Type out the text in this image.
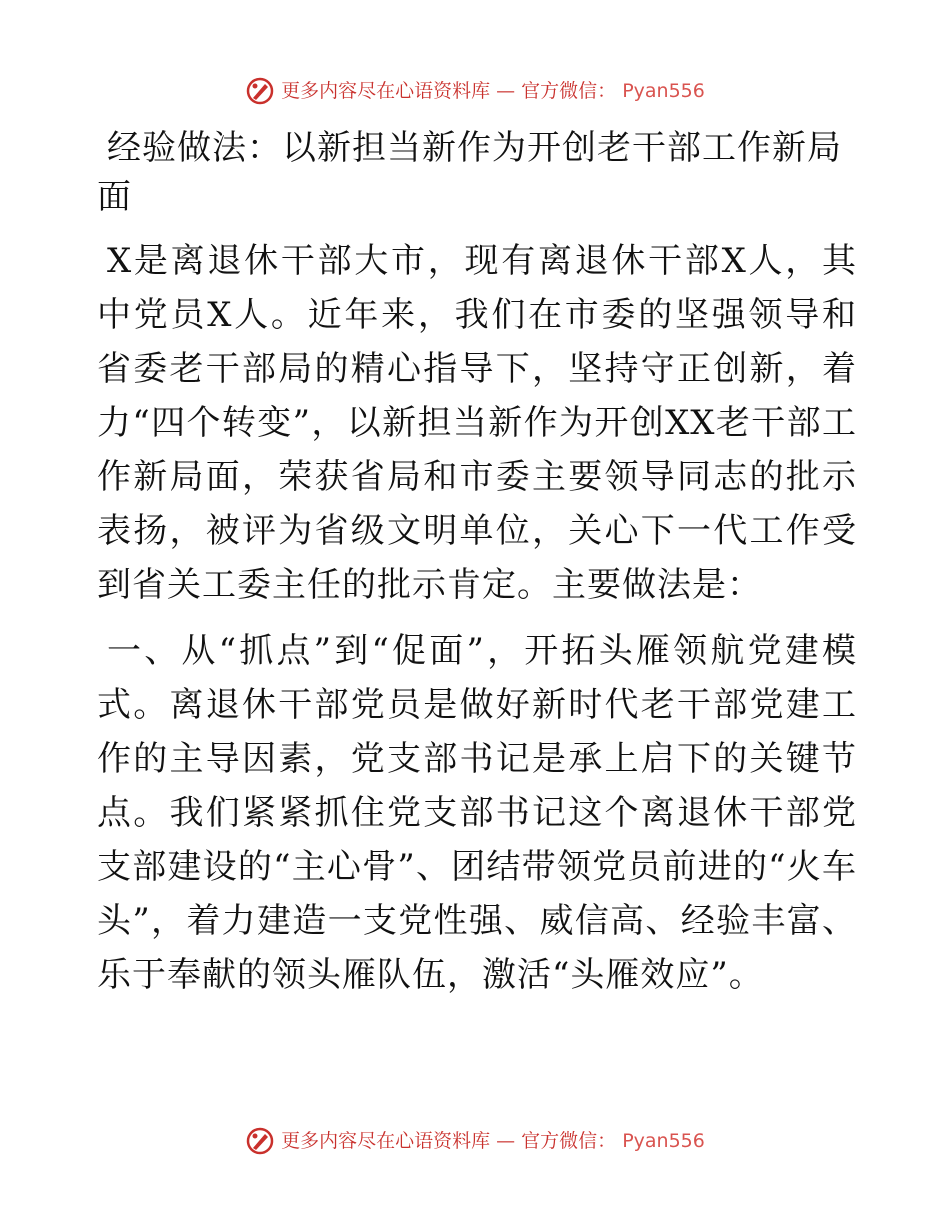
更多内容尽在心语资料库 — 官方微信： Pyan556
经验做法：以新担当新作为开创老干部工作新局面

X是离退休干部大市，现有离退休干部X人，其中党员X人。近年来，我们在市委的坚强领导和省委老干部局的精心指导下，坚持守正创新，着力“四个转变”，以新担当新作为开创XX老干部工作新局面，荣获省局和市委主要领导同志的批示表扬，被评为省级文明单位，关心下一代工作受到省关工委主任的批示肯定。主要做法是：

一、从“抓点”到“促面”，开拓头雁领航党建模式。离退休干部党员是做好新时代老干部党建工作的主导因素，党支部书记是承上启下的关键节点。我们紧紧抓住党支部书记这个离退休干部党支部建设的“主心骨”、团结带领党员前进的“火车头”，着力建造一支党性强、威信高、经验丰富、乐于奉献的领头雁队伍，激活“头雁效应”。

更多内容尽在心语资料库 — 官方微信： Pyan556
